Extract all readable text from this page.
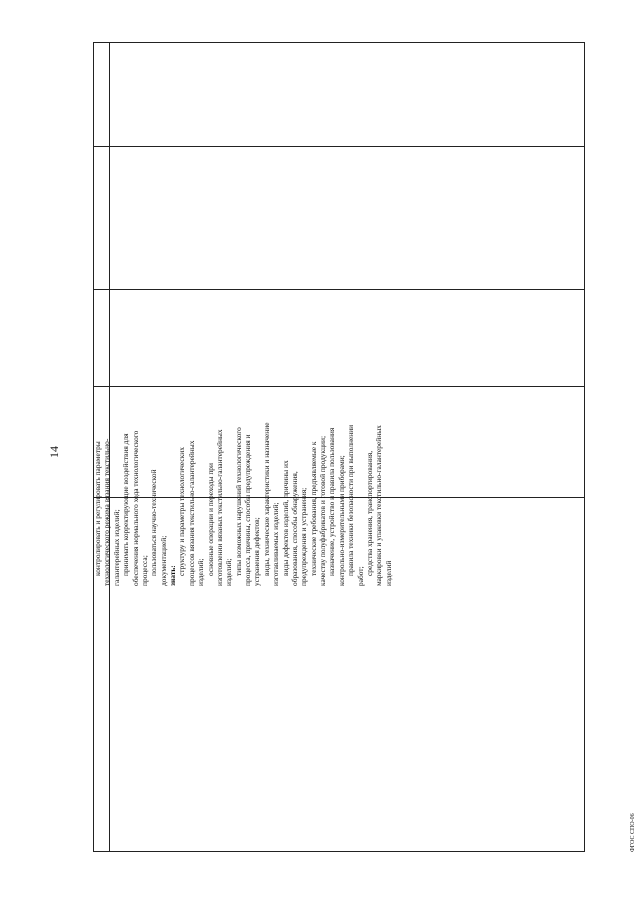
14	контролировать и регулировать параметры технологического режима вязания текстильно- галантерейных изделий; принимать корректирующие воздействия для обеспечения нормального хода технологического процесса; пользоваться научно-технической документацией; знать: структуру и параметры технологических процессов вязания текстильно-галантерейных изделий; основные операции и переходы при изготовлении вязаных текстильно-галантерейных изделий; типы возможных нарушений технологического процесса, причины, способы предупреждения и устранения дефектов; виды, технические характеристики и назначение изготавливаемых изделий; виды дефектов изделий, причины их образования, способы обнаружения, предупреждения и устранения; технические требования, предъявляемые к качеству полуфабрикатов и готовой продукции; назначение, устройство и правила пользования контрольно-измерительными приборами; правила техники безопасности при выполнении
работ;
средства хранения, транспортирования, маркировки и упаковки текстильно-галантерейных изделий
ФГОС СПО-06
